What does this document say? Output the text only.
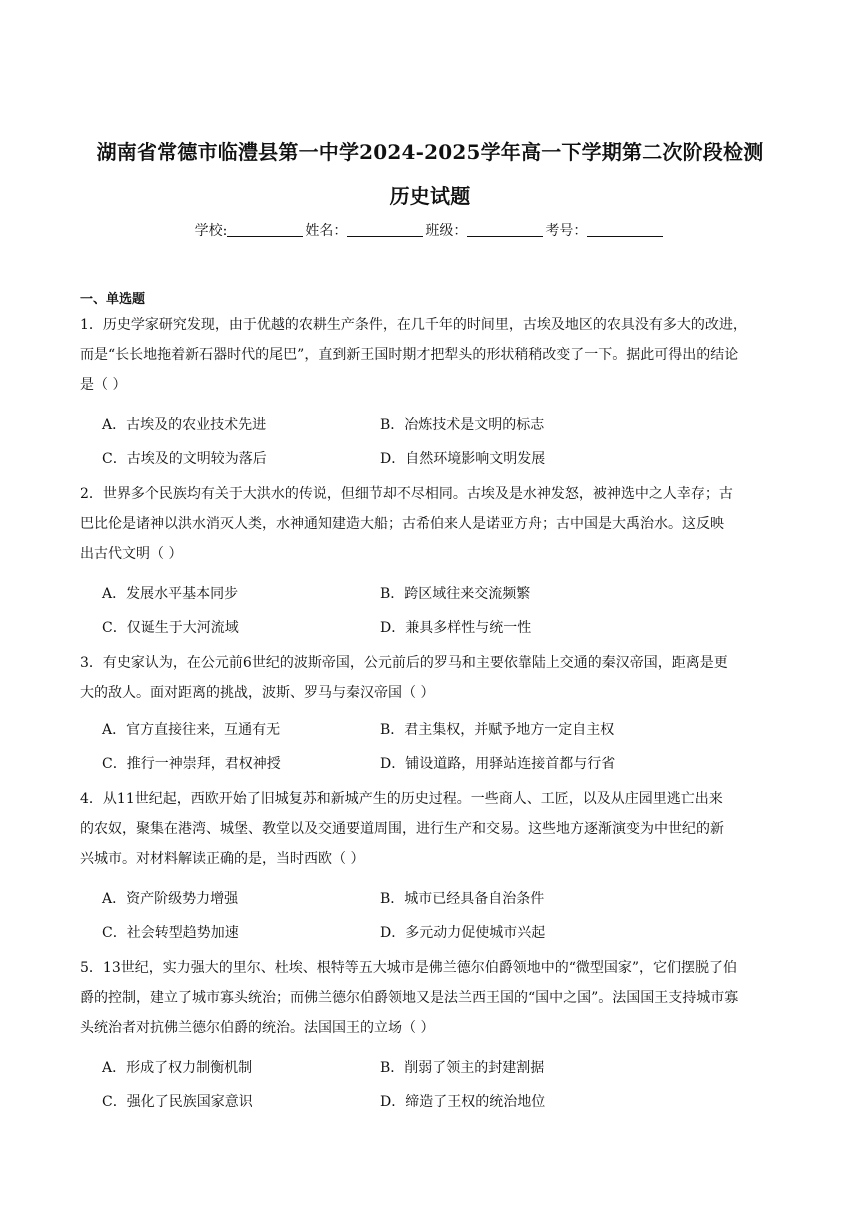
湖南省常德市临澧县第一中学2024-2025学年高一下学期第二次阶段检测
历史试题
学校:	姓名：	班级：	考号：
一、单选题
1．历史学家研究发现，由于优越的农耕生产条件，在几千年的时间里，古埃及地区的农具没有多大的改进，
而是“长长地拖着新石器时代的尾巴”，直到新王国时期才把犁头的形状稍稍改变了一下。据此可得出的结论
是（ ）
A．古埃及的农业技术先进	B．冶炼技术是文明的标志
C．古埃及的文明较为落后	D．自然环境影响文明发展
2．世界多个民族均有关于大洪水的传说，但细节却不尽相同。古埃及是水神发怒，被神选中之人幸存；古
巴比伦是诸神以洪水消灭人类，水神通知建造大船；古希伯来人是诺亚方舟；古中国是大禹治水。这反映
出古代文明（ ）
A．发展水平基本同步	B．跨区域往来交流频繁
C．仅诞生于大河流域	D．兼具多样性与统一性
3．有史家认为，在公元前6世纪的波斯帝国，公元前后的罗马和主要依靠陆上交通的秦汉帝国，距离是更
大的敌人。面对距离的挑战，波斯、罗马与秦汉帝国（ ）
A．官方直接往来，互通有无	B．君主集权，并赋予地方一定自主权
C．推行一神崇拜，君权神授	D．铺设道路，用驿站连接首都与行省
4．从11世纪起，西欧开始了旧城复苏和新城产生的历史过程。一些商人、工匠，以及从庄园里逃亡出来
的农奴，聚集在港湾、城堡、教堂以及交通要道周围，进行生产和交易。这些地方逐渐演变为中世纪的新
兴城市。对材料解读正确的是，当时西欧（ ）
A．资产阶级势力增强	B．城市已经具备自治条件
C．社会转型趋势加速	D．多元动力促使城市兴起
5．13世纪，实力强大的里尔、杜埃、根特等五大城市是佛兰德尔伯爵领地中的“微型国家”，它们摆脱了伯
爵的控制，建立了城市寡头统治；而佛兰德尔伯爵领地又是法兰西王国的“国中之国”。法国国王支持城市寡
头统治者对抗佛兰德尔伯爵的统治。法国国王的立场（ ）
A．形成了权力制衡机制	B．削弱了领主的封建割据
C．强化了民族国家意识	D．缔造了王权的统治地位
